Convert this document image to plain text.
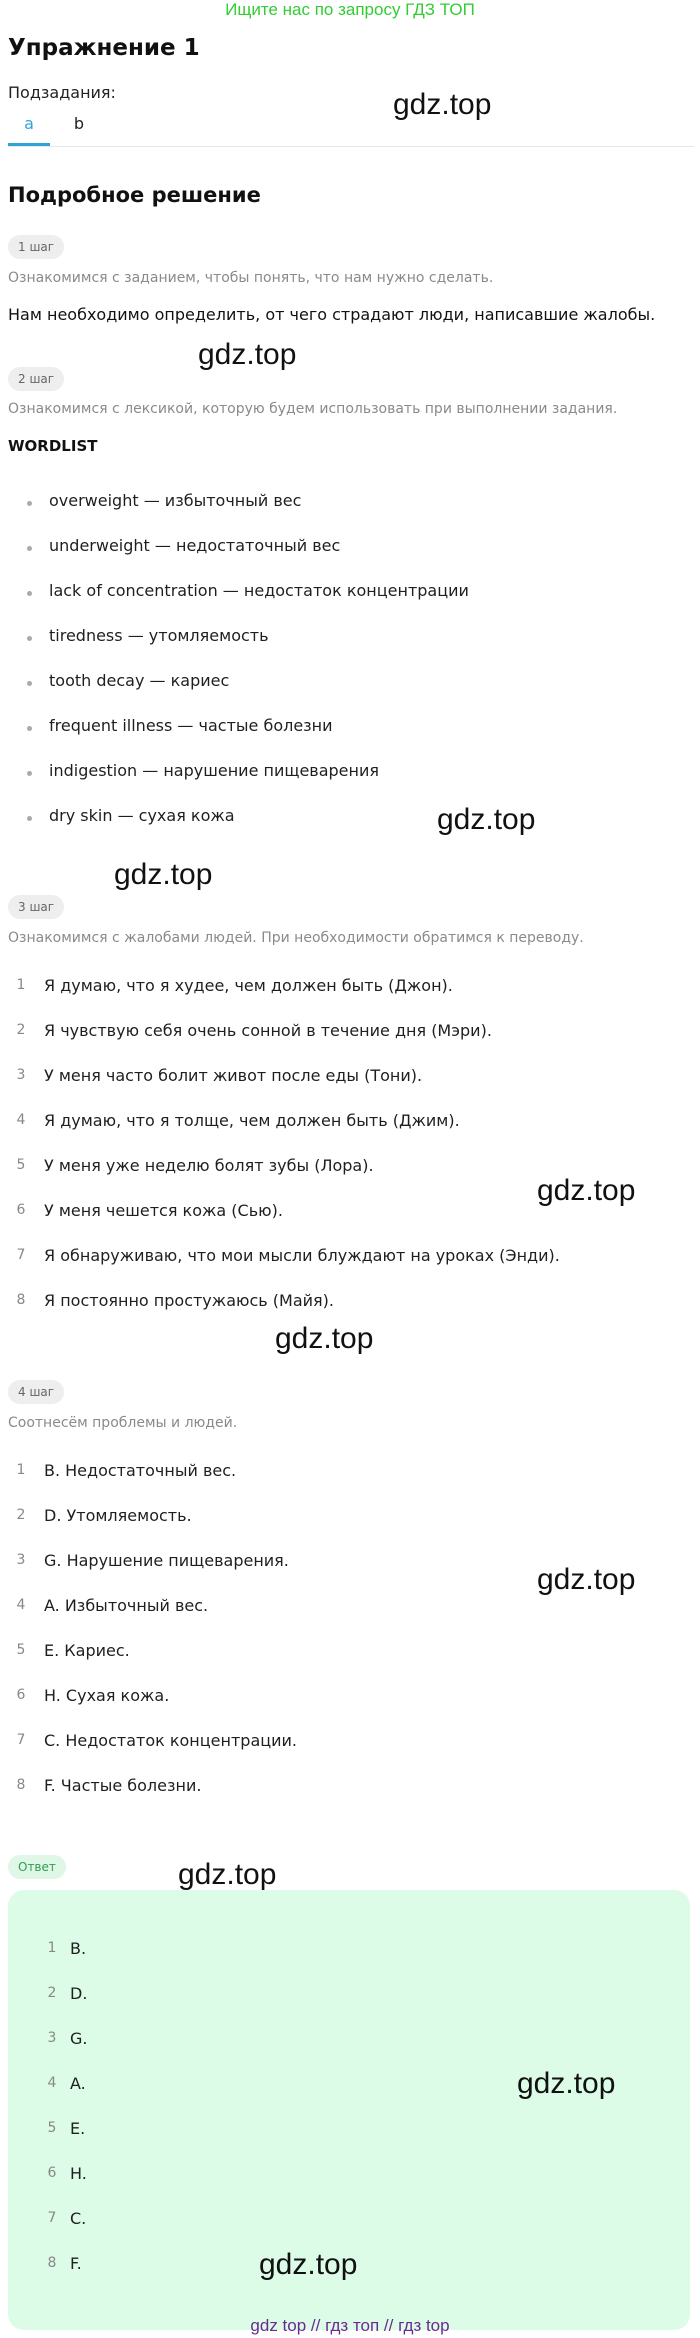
Ищите нас по запросу ГДЗ ТОП
Упражнение 1
Подзадания:
a	b
Подробное решение
1 шаг
Ознакомимся с заданием, чтобы понять, что нам нужно сделать.
Нам необходимо определить, от чего страдают люди, написавшие жалобы.
2 шаг
Ознакомимся с лексикой, которую будем использовать при выполнении задания.
WORDLIST
overweight — избыточный вес
underweight — недостаточный вес
lack of concentration — недостаток концентрации
tiredness — утомляемость
tooth decay — кариес
frequent illness — частые болезни
indigestion — нарушение пищеварения
dry skin — сухая кожа
3 шаг
Ознакомимся с жалобами людей. При необходимости обратимся к переводу.
1	Я думаю, что я худее, чем должен быть (Джон).
2	Я чувствую себя очень сонной в течение дня (Мэри).
3	У меня часто болит живот после еды (Тони).
4	Я думаю, что я толще, чем должен быть (Джим).
5	У меня уже неделю болят зубы (Лора).
6	У меня чешется кожа (Сью).
7	Я обнаруживаю, что мои мысли блуждают на уроках (Энди).
8	Я постоянно простужаюсь (Майя).
4 шаг
Соотнесём проблемы и людей.
1	B. Недостаточный вес.
2	D. Утомляемость.
3	G. Нарушение пищеварения.
4	A. Избыточный вес.
5	E. Кариес.
6	H. Сухая кожа.
7	C. Недостаток концентрации.
8	F. Частые болезни.
Ответ
1 B.
2 D.
3 G.
4 A.
5 E.
6 H.
7 C.
8 F.
gdz.top
gdz.top
gdz.top
gdz.top
gdz.top
gdz.top
gdz.top
gdz.top
gdz.top
gdz.top
gdz top // гдз топ // гдз top
